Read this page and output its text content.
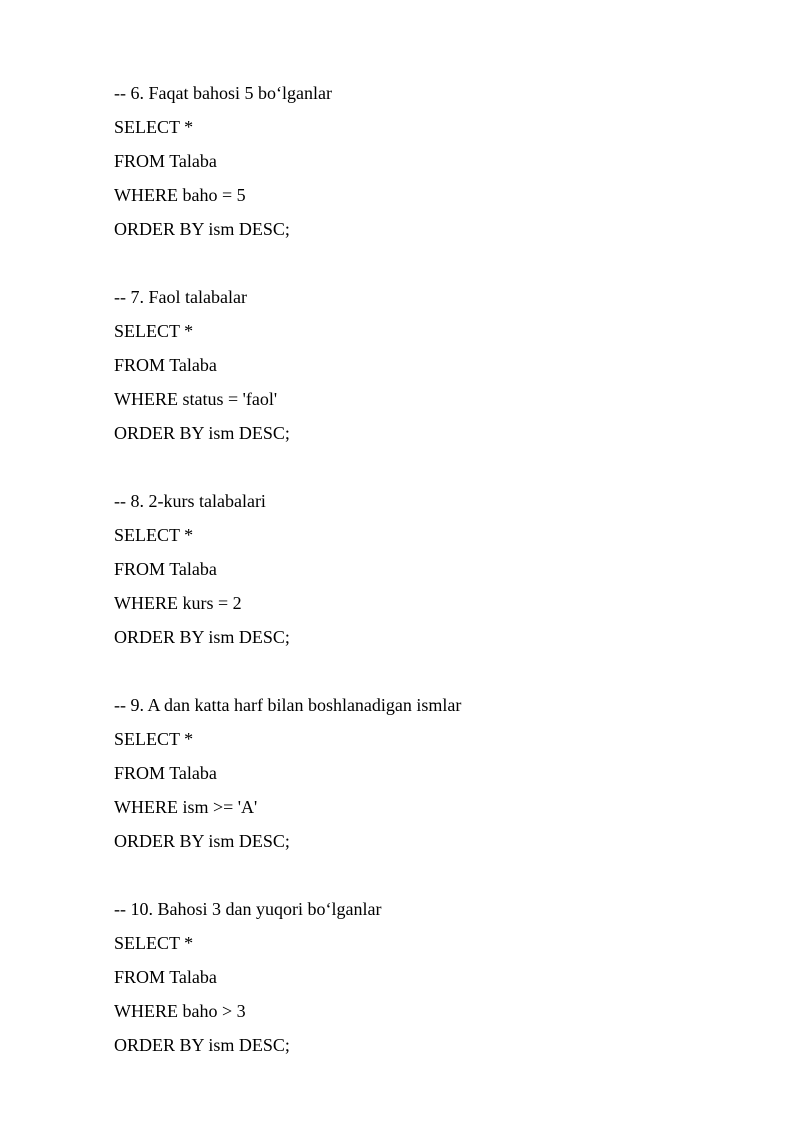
-- 6. Faqat bahosi 5 bo‘lganlar
SELECT *
FROM Talaba
WHERE baho = 5
ORDER BY ism DESC;
-- 7. Faol talabalar
SELECT *
FROM Talaba
WHERE status = 'faol'
ORDER BY ism DESC;
-- 8. 2-kurs talabalari
SELECT *
FROM Talaba
WHERE kurs = 2
ORDER BY ism DESC;
-- 9. A dan katta harf bilan boshlanadigan ismlar
SELECT *
FROM Talaba
WHERE ism >= 'A'
ORDER BY ism DESC;
-- 10. Bahosi 3 dan yuqori bo‘lganlar
SELECT *
FROM Talaba
WHERE baho > 3
ORDER BY ism DESC;
